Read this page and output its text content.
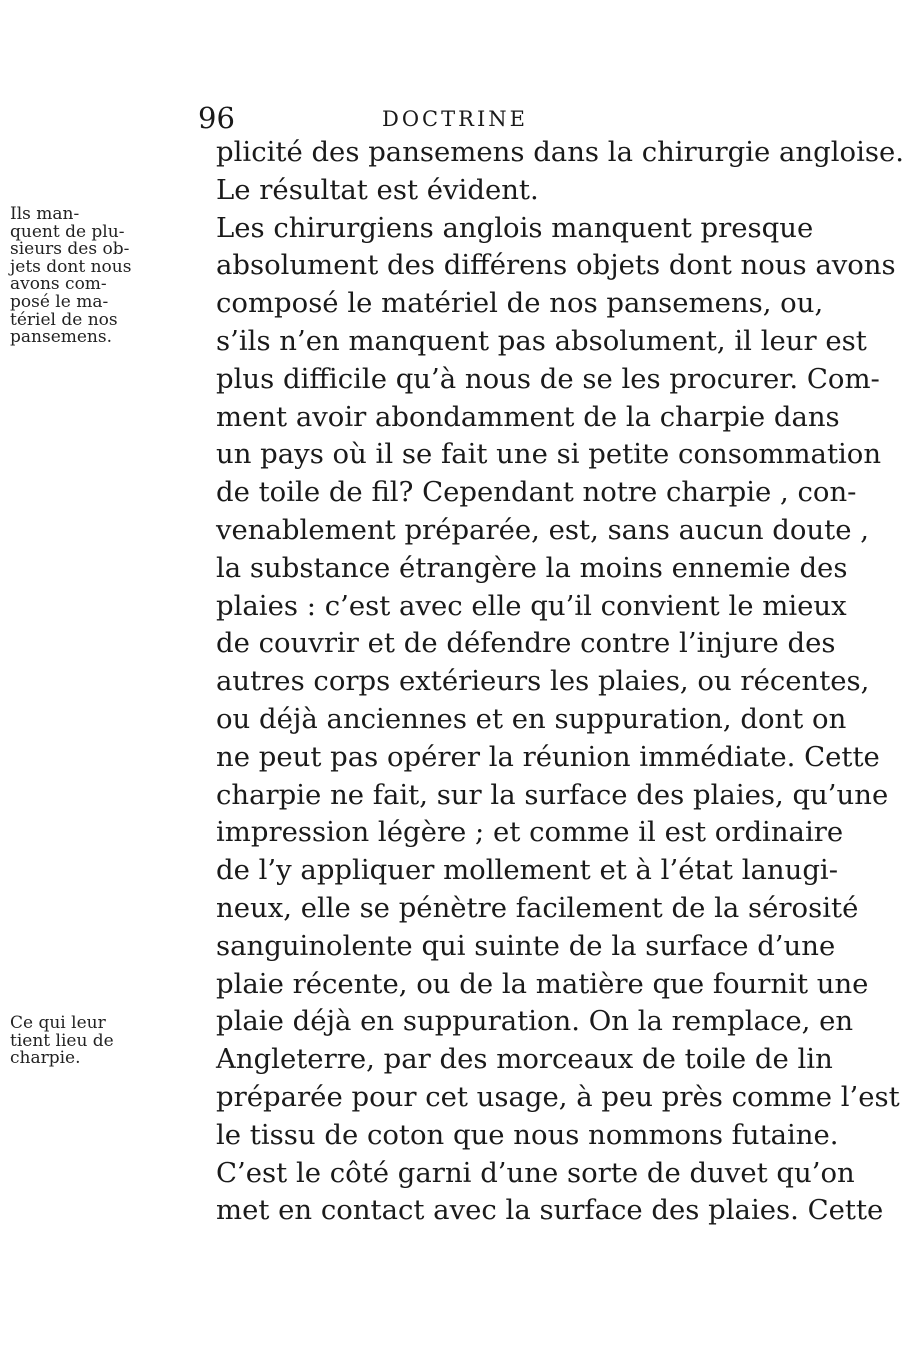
96	DOCTRINE
Ils man-
quent de plu-
sieurs des ob-
jets dont nous
avons com-
posé le ma-
tériel de nos
pansemens.
Ce qui leur
tient lieu de
charpie.
plicité des pansemens dans la chirurgie angloise.
Le résultat est évident.
Les chirurgiens anglois manquent presque
absolument des différens objets dont nous avons
composé le matériel de nos pansemens, ou,
s’ils n’en manquent pas absolument, il leur est
plus difficile qu’à nous de se les procurer. Com-
ment avoir abondamment de la charpie dans
un pays où il se fait une si petite consommation
de toile de fil? Cependant notre charpie , con-
venablement préparée, est, sans aucun doute ,
la substance étrangère la moins ennemie des
plaies : c’est avec elle qu’il convient le mieux
de couvrir et de défendre contre l’injure des
autres corps extérieurs les plaies, ou récentes,
ou déjà anciennes et en suppuration, dont on
ne peut pas opérer la réunion immédiate. Cette
charpie ne fait, sur la surface des plaies, qu’une
impression légère ; et comme il est ordinaire
de l’y appliquer mollement et à l’état lanugi-
neux, elle se pénètre facilement de la sérosité
sanguinolente qui suinte de la surface d’une
plaie récente, ou de la matière que fournit une
plaie déjà en suppuration. On la remplace, en
Angleterre, par des morceaux de toile de lin
préparée pour cet usage, à peu près comme l’est
le tissu de coton que nous nommons futaine.
C’est le côté garni d’une sorte de duvet qu’on
met en contact avec la surface des plaies. Cette
